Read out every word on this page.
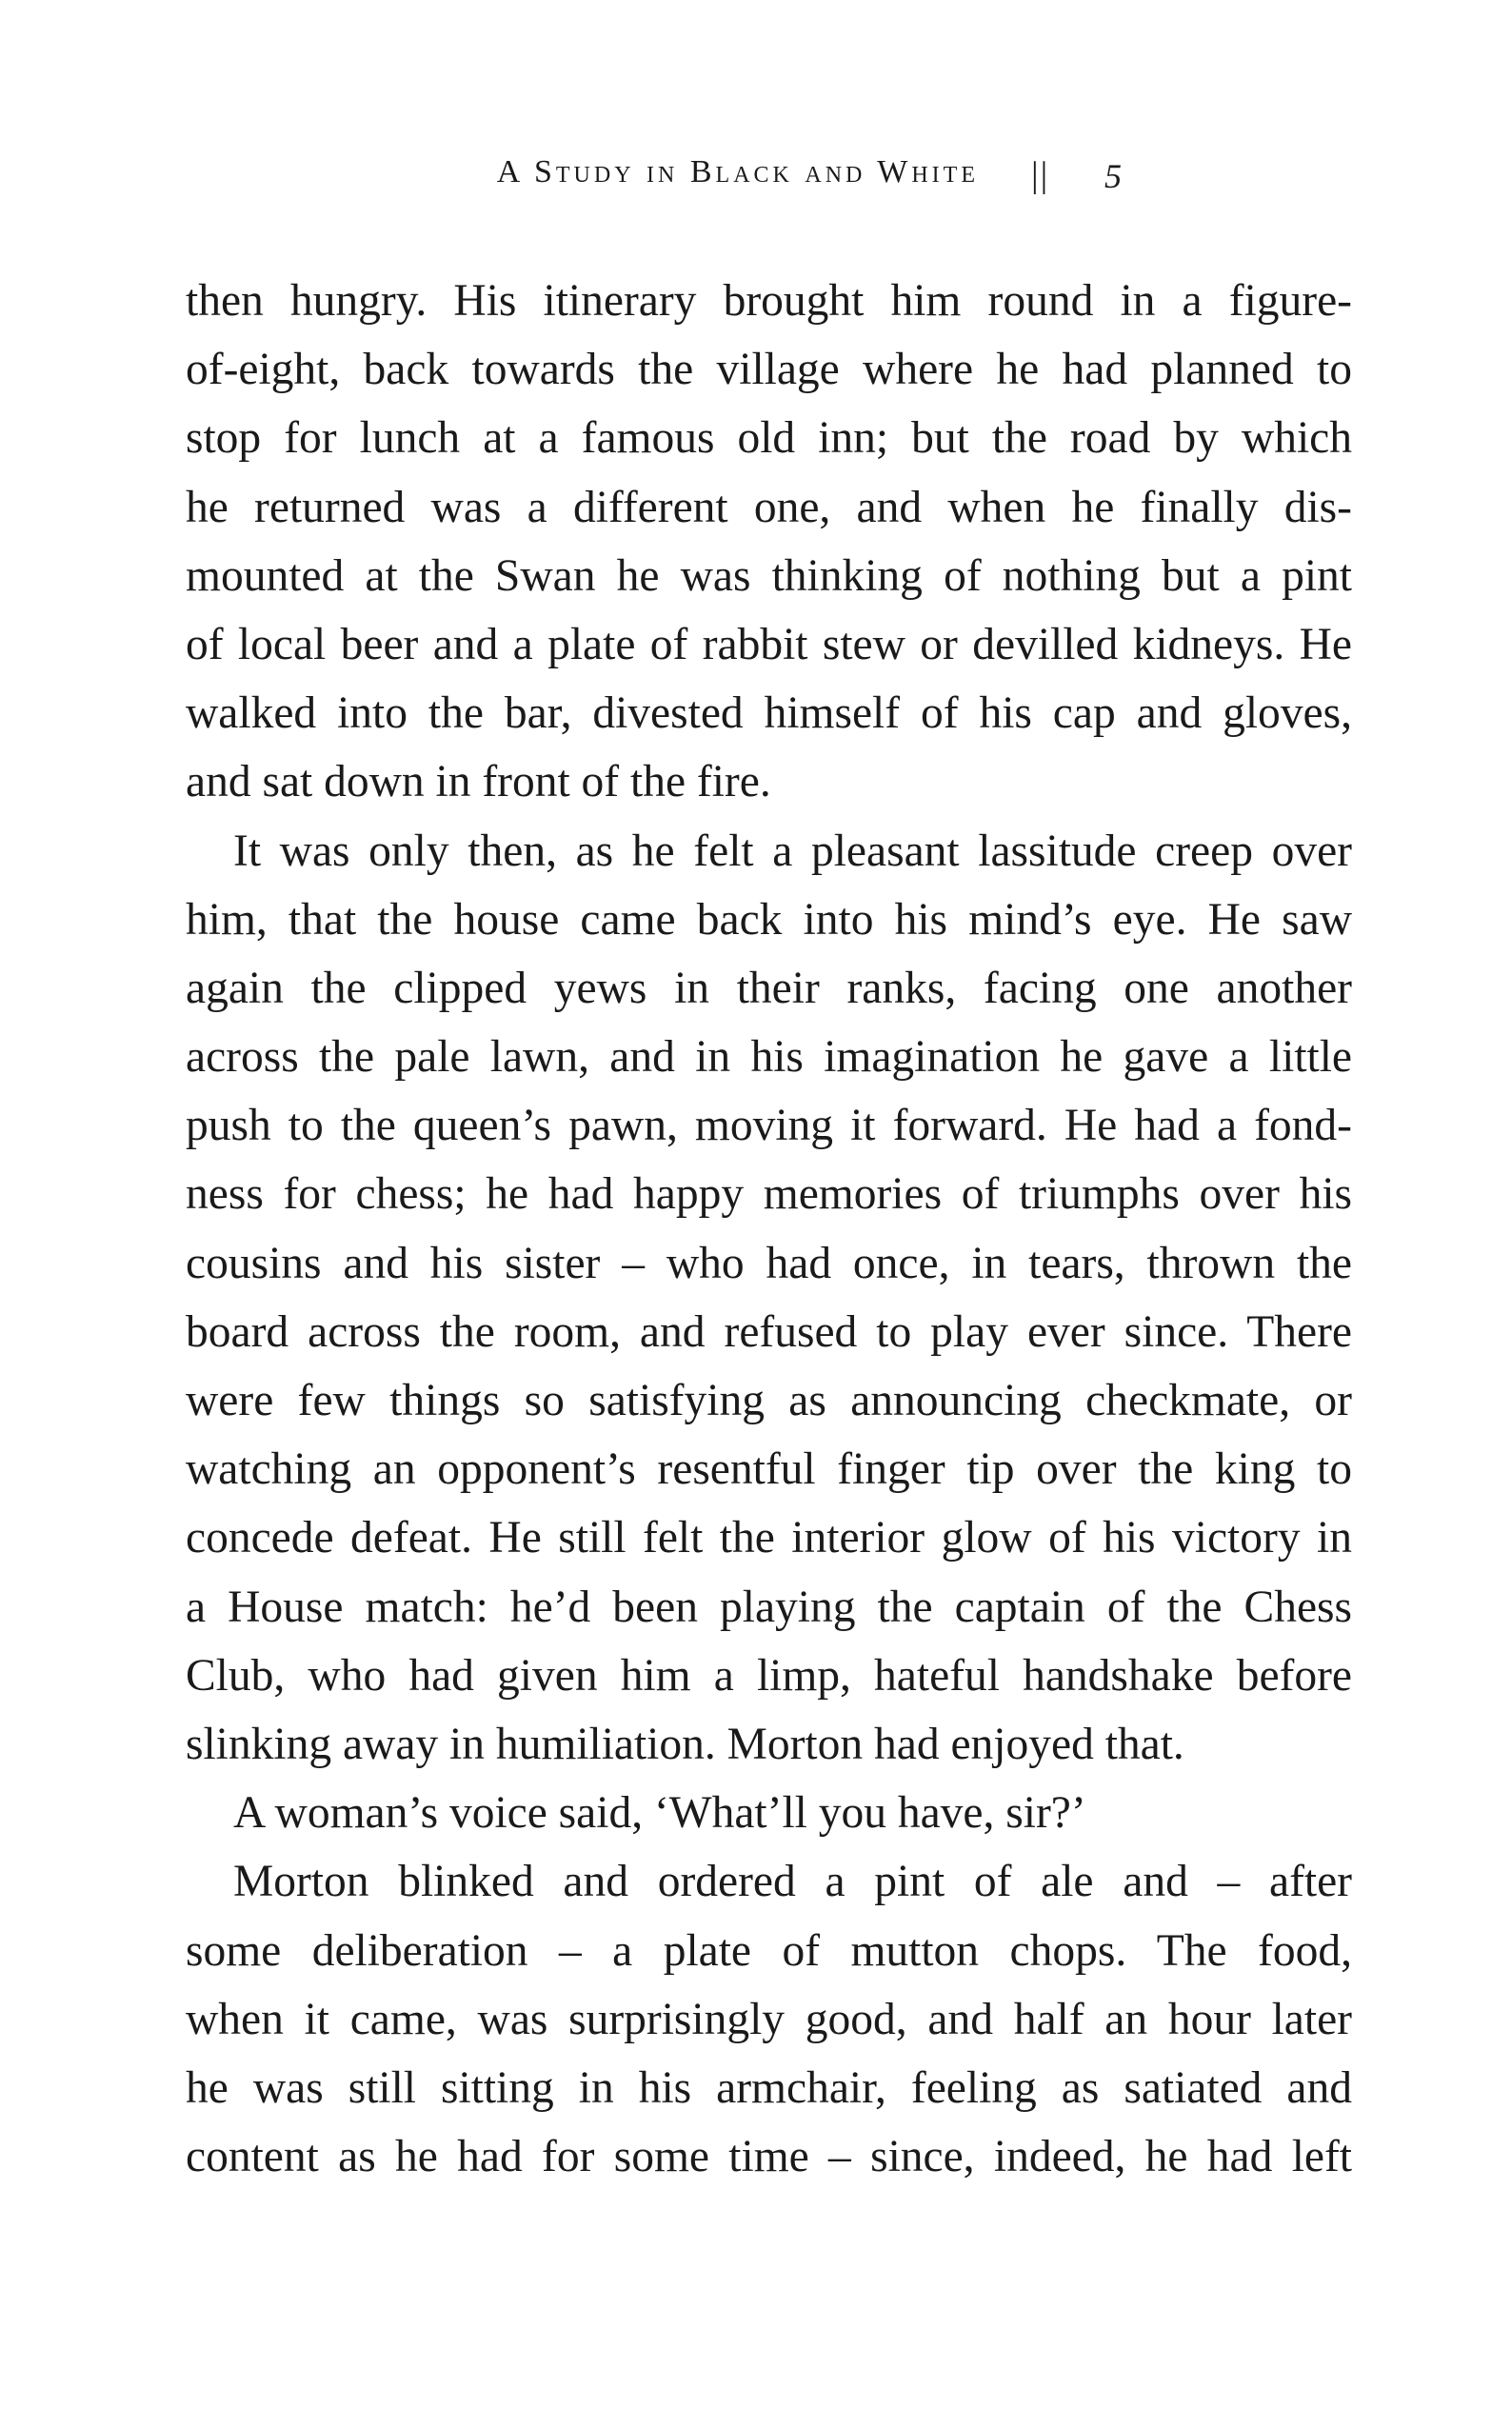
A Study in Black and White || 5
then hungry. His itinerary brought him round in a figure-
of-eight, back towards the village where he had planned to
stop for lunch at a famous old inn; but the road by which
he returned was a different one, and when he finally dis-
mounted at the Swan he was thinking of nothing but a pint
of local beer and a plate of rabbit stew or devilled kidneys. He
walked into the bar, divested himself of his cap and gloves,
and sat down in front of the fire.
It was only then, as he felt a pleasant lassitude creep over
him, that the house came back into his mind’s eye. He saw
again the clipped yews in their ranks, facing one another
across the pale lawn, and in his imagination he gave a little
push to the queen’s pawn, moving it forward. He had a fond-
ness for chess; he had happy memories of triumphs over his
cousins and his sister – who had once, in tears, thrown the
board across the room, and refused to play ever since. There
were few things so satisfying as announcing checkmate, or
watching an opponent’s resentful finger tip over the king to
concede defeat. He still felt the interior glow of his victory in
a House match: he’d been playing the captain of the Chess
Club, who had given him a limp, hateful handshake before
slinking away in humiliation. Morton had enjoyed that.
A woman’s voice said, ‘What’ll you have, sir?’
Morton blinked and ordered a pint of ale and – after
some deliberation – a plate of mutton chops. The food,
when it came, was surprisingly good, and half an hour later
he was still sitting in his armchair, feeling as satiated and
content as he had for some time – since, indeed, he had left
